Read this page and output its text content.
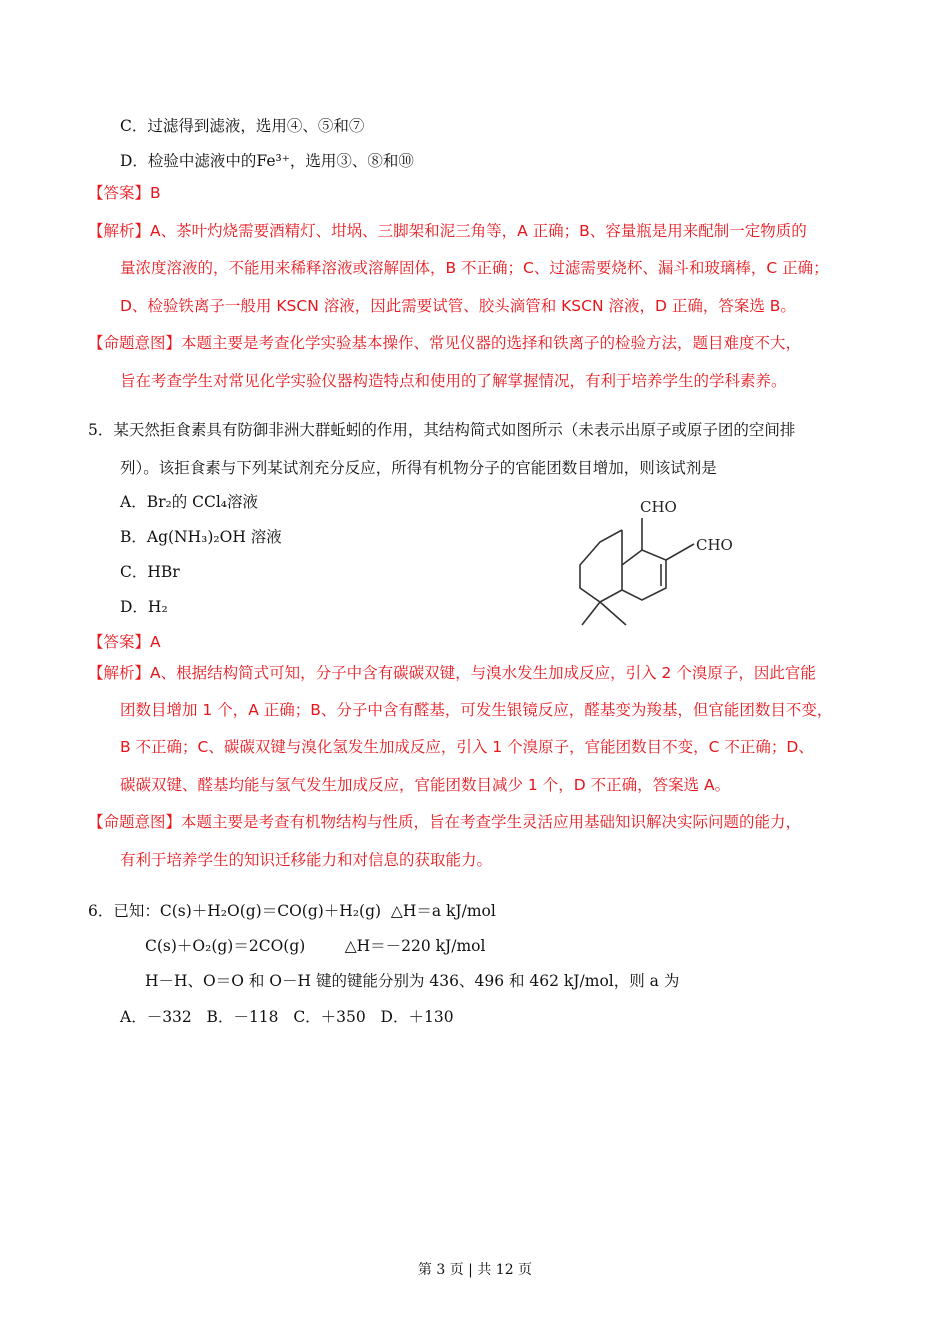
C．过滤得到滤液，选用④、⑤和⑦
D．检验中滤液中的Fe³⁺，选用③、⑧和⑩
【答案】B
【解析】A、茶叶灼烧需要酒精灯、坩埚、三脚架和泥三角等，A 正确；B、容量瓶是用来配制一定物质的
量浓度溶液的，不能用来稀释溶液或溶解固体，B 不正确；C、过滤需要烧杯、漏斗和玻璃棒，C 正确；
D、检验铁离子一般用 KSCN 溶液，因此需要试管、胶头滴管和 KSCN 溶液，D 正确，答案选 B。
【命题意图】本题主要是考查化学实验基本操作、常见仪器的选择和铁离子的检验方法，题目难度不大，
旨在考查学生对常见化学实验仪器构造特点和使用的了解掌握情况，有利于培养学生的学科素养。
5．某天然拒食素具有防御非洲大群蚯蚓的作用，其结构简式如图所示（未表示出原子或原子团的空间排
列）。该拒食素与下列某试剂充分反应，所得有机物分子的官能团数目增加，则该试剂是
A．Br₂的 CCl₄溶液
B．Ag(NH₃)₂OH 溶液
C．HBr
D．H₂
CHO
CHO
【答案】A
【解析】A、根据结构简式可知，分子中含有碳碳双键，与溴水发生加成反应，引入 2 个溴原子，因此官能
团数目增加 1 个，A 正确；B、分子中含有醛基，可发生银镜反应，醛基变为羧基，但官能团数目不变，
B 不正确；C、碳碳双键与溴化氢发生加成反应，引入 1 个溴原子，官能团数目不变，C 不正确；D、
碳碳双键、醛基均能与氢气发生加成反应，官能团数目减少 1 个，D 不正确，答案选 A。
【命题意图】本题主要是考查有机物结构与性质，旨在考查学生灵活应用基础知识解决实际问题的能力，
有利于培养学生的知识迁移能力和对信息的获取能力。
6．已知：C(s)＋H₂O(g)＝CO(g)＋H₂(g)  △H＝a kJ/mol
C(s)＋O₂(g)＝2CO(g)        △H＝－220 kJ/mol
H－H、O＝O 和 O－H 键的键能分别为 436、496 和 462 kJ/mol，则 a 为
A．－332   B．－118   C．＋350   D．＋130
第 3 页 | 共 12 页
